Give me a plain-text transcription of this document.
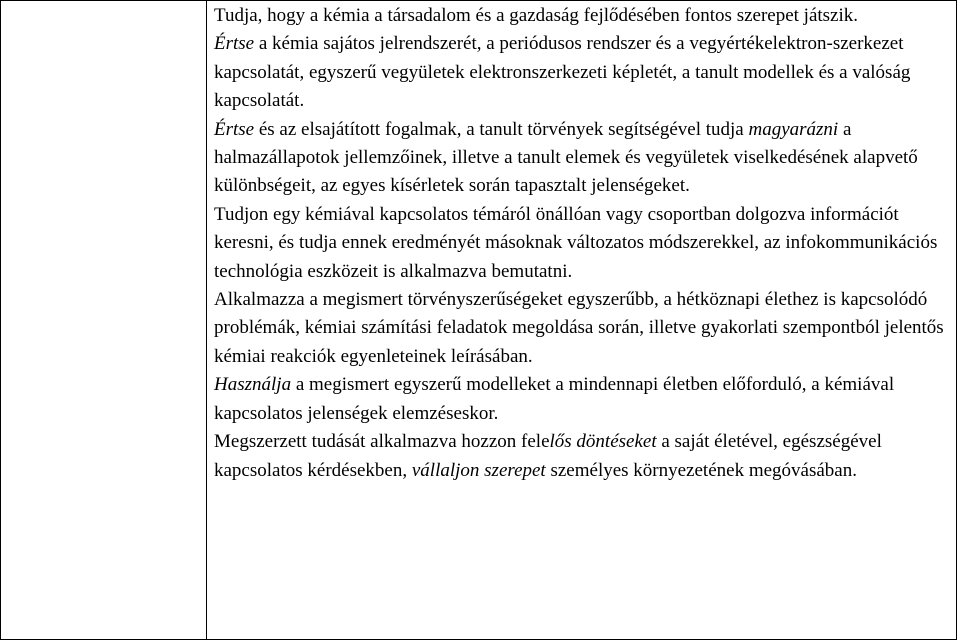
Tudja, hogy a kémia a társadalom és a gazdaság fejlődésében fontos szerepet játszik.

Értse a kémia sajátos jelrendszerét, a periódusos rendszer és a vegyértékelektron-szerkezet kapcsolatát, egyszerű vegyületek elektronszerkezeti képletét, a tanult modellek és a valóság kapcsolatát.

Értse és az elsajátított fogalmak, a tanult törvények segítségével tudja magyarázni a halmazállapotok jellemzőinek, illetve a tanult elemek és vegyületek viselkedésének alapvető különbségeit, az egyes kísérletek során tapasztalt jelenségeket.

Tudjon egy kémiával kapcsolatos témáról önállóan vagy csoportban dolgozva információt keresni, és tudja ennek eredményét másoknak változatos módszerekkel, az infokommunikációs technológia eszközeit is alkalmazva bemutatni.

Alkalmazza a megismert törvényszerűségeket egyszerűbb, a hétköznapi élethez is kapcsolódó problémák, kémiai számítási feladatok megoldása során, illetve gyakorlati szempontból jelentős kémiai reakciók egyenleteinek leírásában.

Használja a megismert egyszerű modelleket a mindennapi életben előforduló, a kémiával kapcsolatos jelenségek elemzéseskor.

Megszerzett tudását alkalmazva hozzon felelős döntéseket a saját életével, egészségével kapcsolatos kérdésekben, vállaljon szerepet személyes környezetének megóvásában.
